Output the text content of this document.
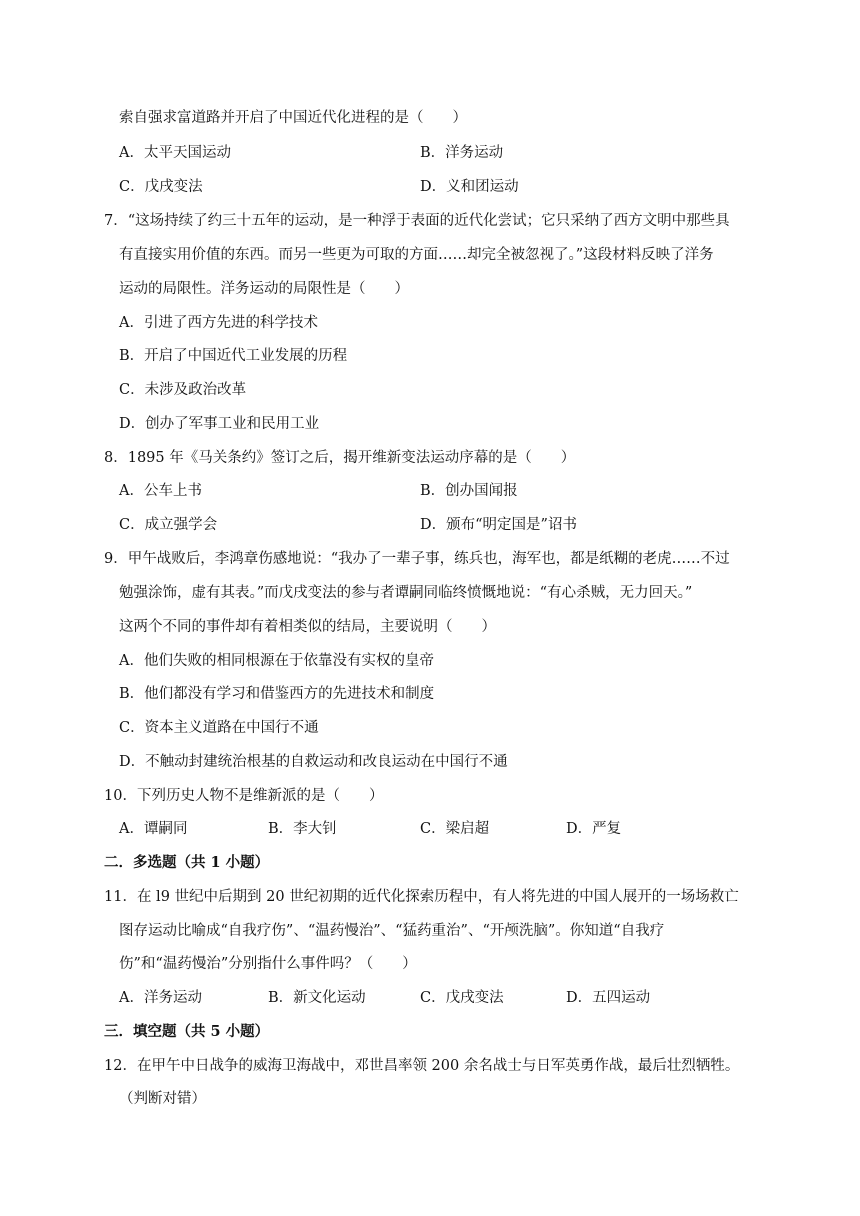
索自强求富道路并开启了中国近代化进程的是（　　）
A．太平天国运动	B．洋务运动
C．戊戌变法	D．义和团运动
7．“这场持续了约三十五年的运动，是一种浮于表面的近代化尝试；它只采纳了西方文明中那些具
有直接实用价值的东西。而另一些更为可取的方面……却完全被忽视了。”这段材料反映了洋务
运动的局限性。洋务运动的局限性是（　　）
A．引进了西方先进的科学技术
B．开启了中国近代工业发展的历程
C．未涉及政治改革
D．创办了军事工业和民用工业
8．1895 年《马关条约》签订之后，揭开维新变法运动序幕的是（　　）
A．公车上书	B．创办国闻报
C．成立强学会	D．颁布“明定国是”诏书
9．甲午战败后，李鸿章伤感地说：“我办了一辈子事，练兵也，海军也，都是纸糊的老虎……不过
勉强涂饰，虚有其表。”而戊戌变法的参与者谭嗣同临终愤慨地说：“有心杀贼，无力回天。”
这两个不同的事件却有着相类似的结局，主要说明（　　）
A．他们失败的相同根源在于依靠没有实权的皇帝
B．他们都没有学习和借鉴西方的先进技术和制度
C．资本主义道路在中国行不通
D．不触动封建统治根基的自救运动和改良运动在中国行不通
10．下列历史人物不是维新派的是（　　）
A．谭嗣同	B．李大钊	C．梁启超	D．严复
二．多选题（共 1 小题）
11．在 l9 世纪中后期到 20 世纪初期的近代化探索历程中，有人将先进的中国人展开的一场场救亡
图存运动比喻成“自我疗伤”、“温药慢治”、“猛药重治”、“开颅洗脑”。你知道“自我疗
伤”和“温药慢治”分别指什么事件吗？（　　）
A．洋务运动	B．新文化运动	C．戊戌变法	D．五四运动
三．填空题（共 5 小题）
12．在甲午中日战争的威海卫海战中，邓世昌率领 200 余名战士与日军英勇作战，最后壮烈牺牲。
（判断对错）
